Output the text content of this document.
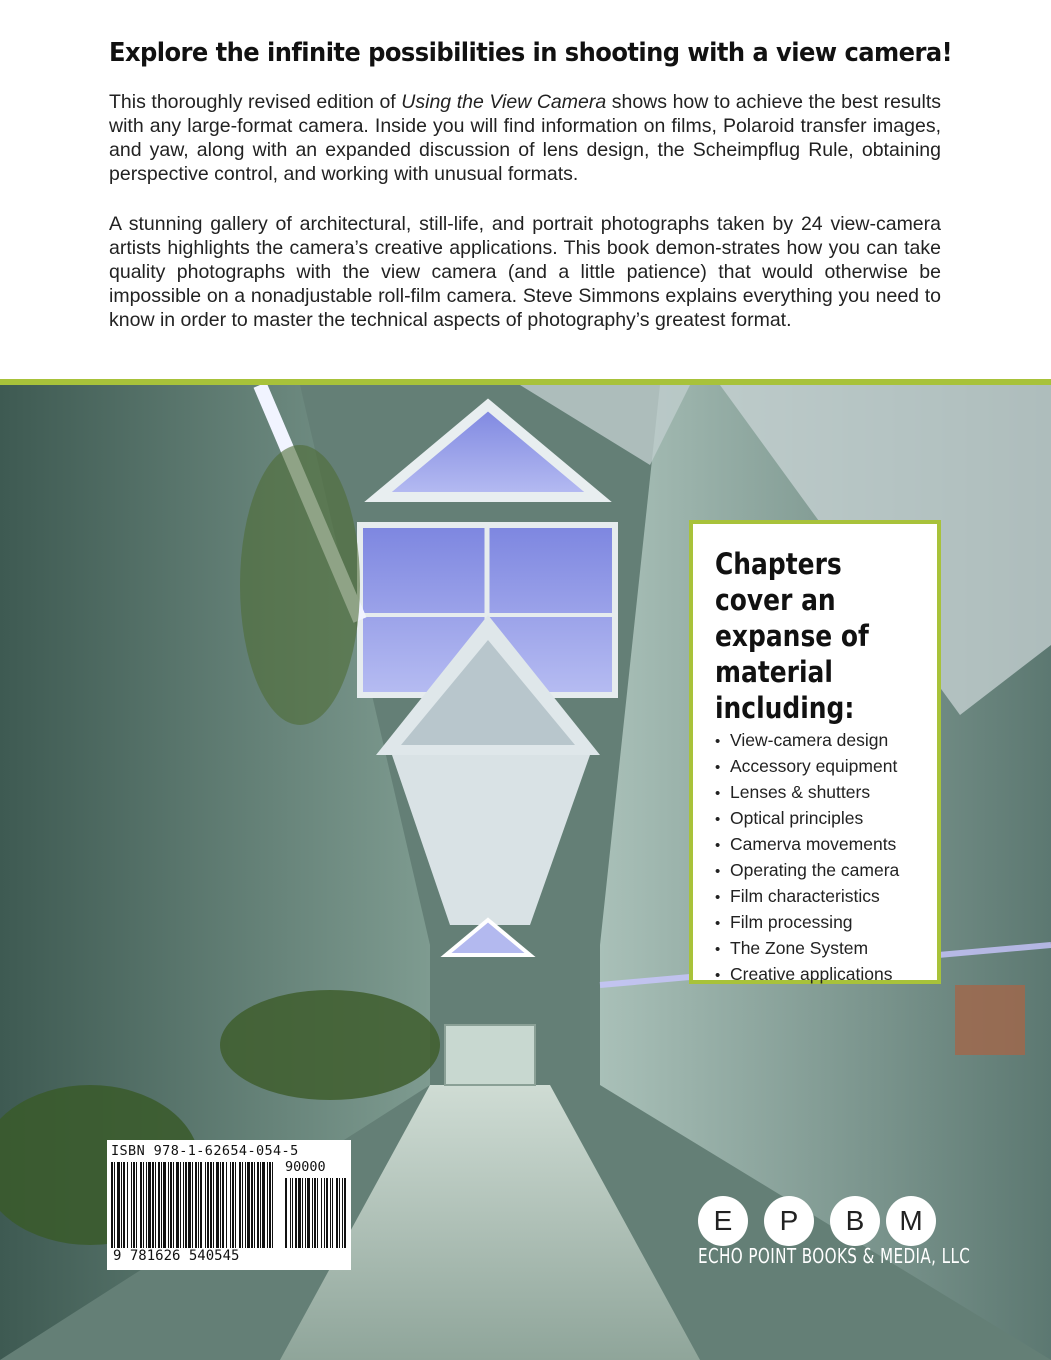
Explore the infinite possibilities in shooting with a view camera!

This thoroughly revised edition of Using the View Camera shows how to achieve the best results with any large-format camera. Inside you will find information on films, Polaroid transfer images, and yaw, along with an expanded discussion of lens design, the Scheimpflug Rule, obtaining perspective control, and working with unusual formats.

A stunning gallery of architectural, still-life, and portrait photographs taken by 24 view-camera artists highlights the camera’s creative applications. This book demon-strates how you can take quality photographs with the view camera (and a little patience) that would otherwise be impossible on a nonadjustable roll-film camera. Steve Simmons explains everything you need to know in order to master the technical aspects of photography’s greatest format.

Chapters cover an expanse of material including:
• View-camera design
• Accessory equipment
• Lenses & shutters
• Optical principles
• Camerva movements
• Operating the camera
• Film characteristics
• Film processing
• The Zone System
• Creative applications
ISBN 978-1-62654-054-5
90000
9 781626 540545
E	P	B	M
ECHO POINT BOOKS & MEDIA, LLC
